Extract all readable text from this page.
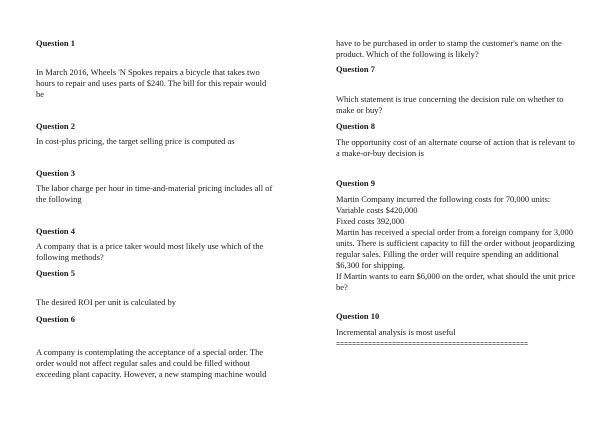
Question 1
In March 2016, Wheels 'N Spokes repairs a bicycle that takes two
hours to repair and uses parts of $240. The bill for this repair would
be
Question 2
In cost-plus pricing, the target selling price is computed as
Question 3
The labor charge per hour in time-and-material pricing includes all of
the following
Question 4
A company that is a price taker would most likely use which of the
following methods?
Question 5
The desired ROI per unit is calculated by
Question 6
A company is contemplating the acceptance of a special order. The
order would not affect regular sales and could be filled without
exceeding plant capacity. However, a new stamping machine would
have to be purchased in order to stamp the customer's name on the
product. Which of the following is likely?
Question 7
Which statement is true concerning the decision rule on whether to
make or buy?
Question 8
The opportunity cost of an alternate course of action that is relevant to
a make-or-buy decision is
Question 9
Martin Company incurred the following costs for 70,000 units:
Variable costs $420,000
Fixed costs 392,000
Martin has received a special order from a foreign company for 3,000
units. There is sufficient capacity to fill the order without jeopardizing
regular sales. Filling the order will require spending an additional
$6,300 for shipping.
If Martin wants to earn $6,000 on the order, what should the unit price
be?
Question 10
Incremental analysis is most useful
================================================
